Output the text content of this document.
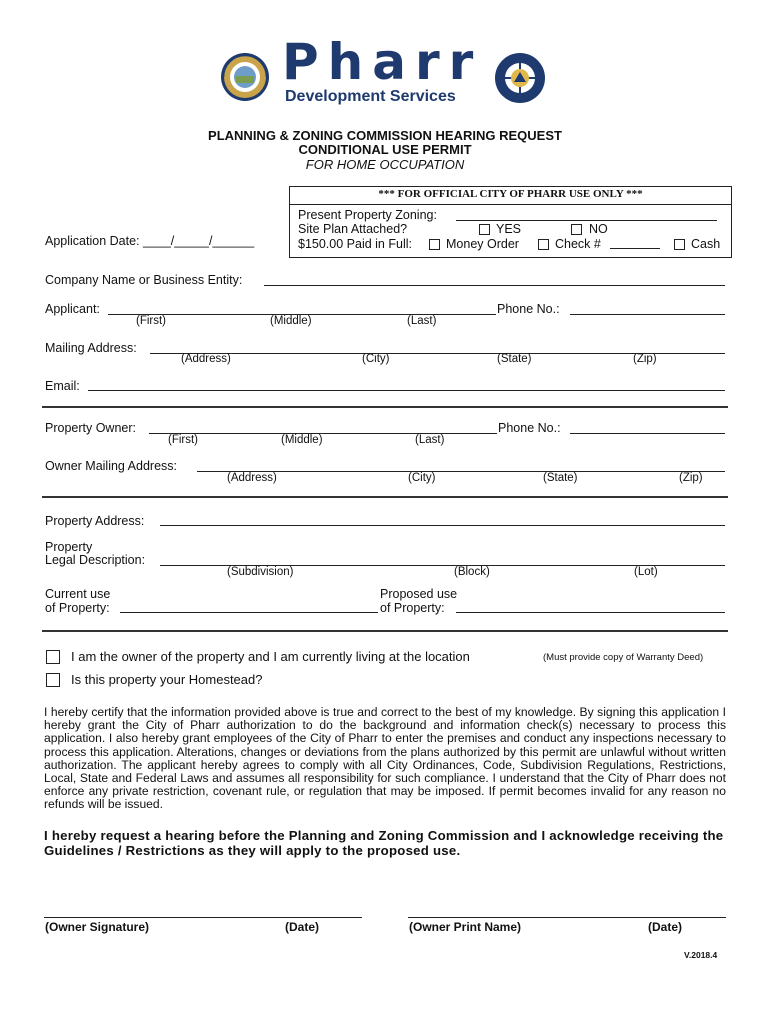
Pharr
Development Services
PLANNING & ZONING COMMISSION HEARING REQUEST
CONDITIONAL USE PERMIT
FOR HOME OCCUPATION
*** FOR OFFICIAL CITY OF PHARR USE ONLY ***
Present Property Zoning:
Site Plan Attached?	YES	NO
$150.00 Paid in Full:	Money Order	Check #	Cash
Application Date: ____/_____/______
Company Name or Business Entity:
Applicant:	Phone No.:
(First)	(Middle)	(Last)
Mailing Address:
(Address)	(City)	(State)	(Zip)
Email:
Property Owner:	Phone No.:
(First)	(Middle)	(Last)
Owner Mailing Address:
(Address)	(City)	(State)	(Zip)
Property Address:
Property
Legal Description:
(Subdivision)	(Block)	(Lot)
Current use
of Property:
Proposed use
of Property:
I am the owner of the property and I am currently living at the location	(Must provide copy of Warranty Deed)
Is this property your Homestead?
I hereby certify that the information provided above is true and correct to the best of my knowledge. By signing this application I hereby grant the City of Pharr authorization to do the background and information check(s) necessary to process this application. I also hereby grant employees of the City of Pharr to enter the premises and conduct any inspections necessary to process this application. Alterations, changes or deviations from the plans authorized by this permit are unlawful without written authorization. The applicant hereby agrees to comply with all City Ordinances, Code, Subdivision Regulations, Restrictions, Local, State and Federal Laws and assumes all responsibility for such compliance. I understand that the City of Pharr does not enforce any private restriction, covenant rule, or regulation that may be imposed. If permit becomes invalid for any reason no refunds will be issued.
I hereby request a hearing before the Planning and Zoning Commission and I acknowledge receiving the Guidelines / Restrictions as they will apply to the proposed use.
(Owner Signature)	(Date)	(Owner Print Name)	(Date)
V.2018.4
